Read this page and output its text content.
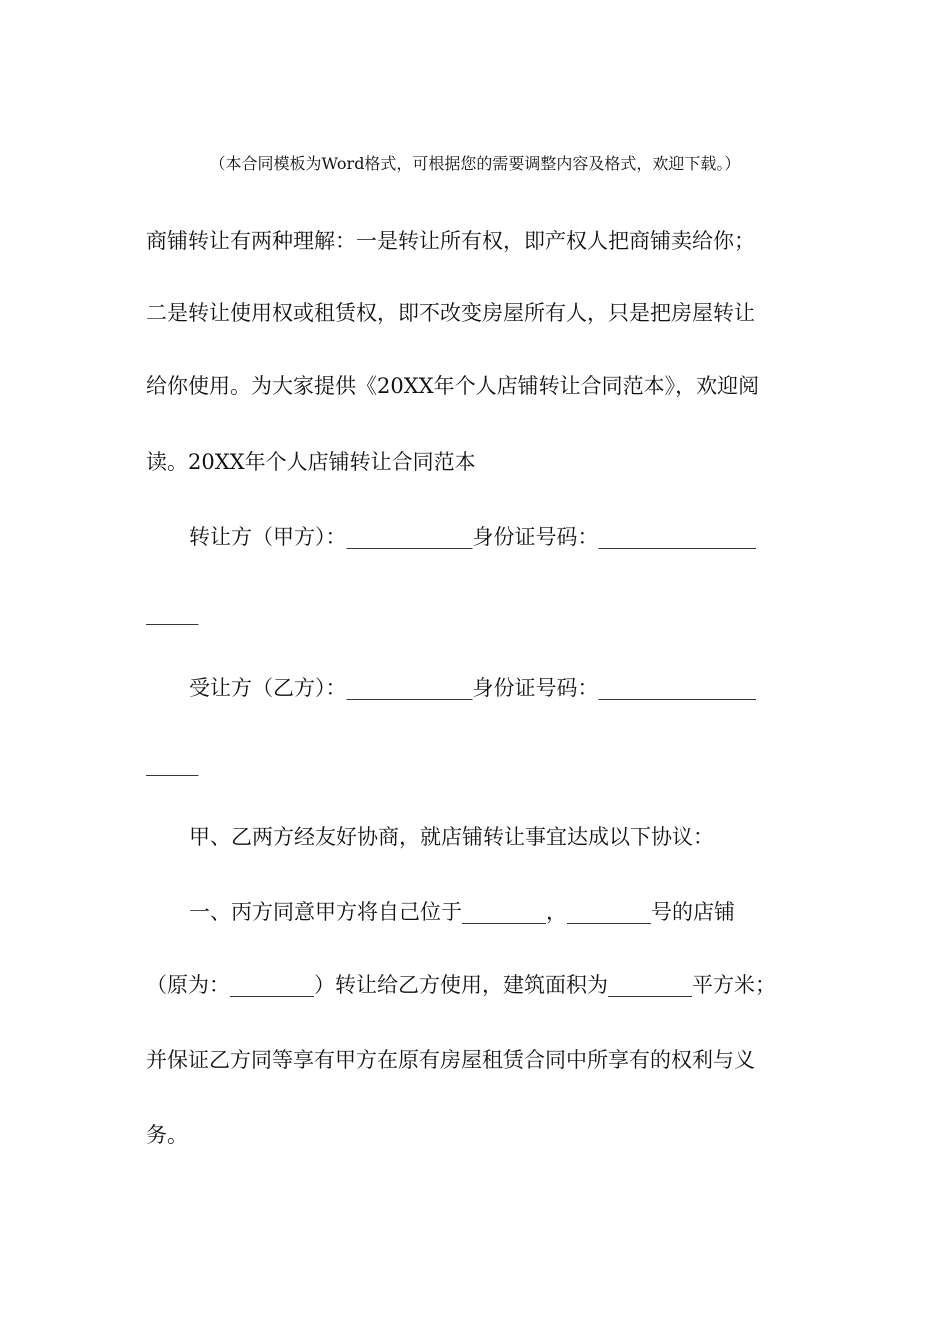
（本合同模板为Word格式，可根据您的需要调整内容及格式，欢迎下载。）
商铺转让有两种理解：一是转让所有权，即产权人把商铺卖给你；
二是转让使用权或租赁权，即不改变房屋所有人，只是把房屋转让
给你使用。为大家提供《20XX年个人店铺转让合同范本》，欢迎阅
读。20XX年个人店铺转让合同范本
转让方（甲方）：____________身份证号码：_______________
_____
受让方（乙方）：____________身份证号码：_______________
_____
甲、乙两方经友好协商，就店铺转让事宜达成以下协议：
一、丙方同意甲方将自己位于________，________号的店铺
（原为：________）转让给乙方使用，建筑面积为________平方米；
并保证乙方同等享有甲方在原有房屋租赁合同中所享有的权利与义
务。
